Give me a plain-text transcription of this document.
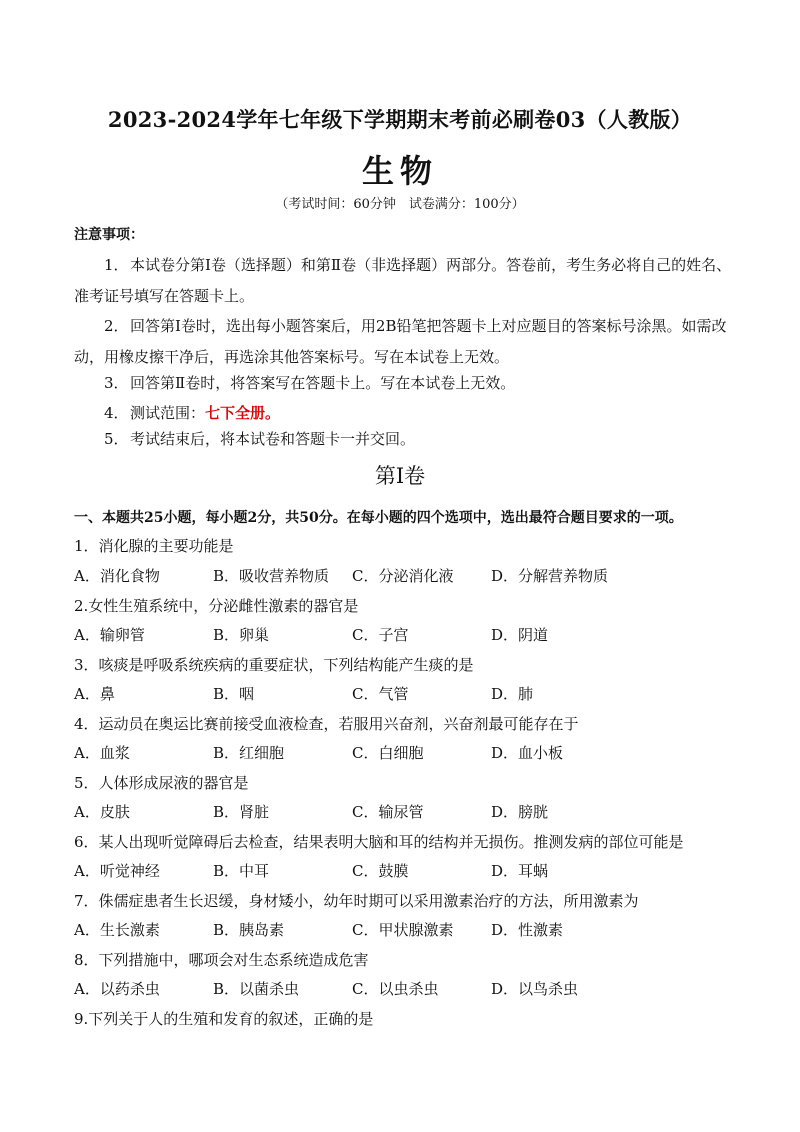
2023-2024学年七年级下学期期末考前必刷卷03（人教版）
生物
（考试时间：60分钟　试卷满分：100分）
注意事项：
1．本试卷分第Ⅰ卷（选择题）和第Ⅱ卷（非选择题）两部分。答卷前，考生务必将自己的姓名、准考证号填写在答题卡上。
2．回答第Ⅰ卷时，选出每小题答案后，用2B铅笔把答题卡上对应题目的答案标号涂黑。如需改动，用橡皮擦干净后，再选涂其他答案标号。写在本试卷上无效。
3．回答第Ⅱ卷时，将答案写在答题卡上。写在本试卷上无效。
4．测试范围：七下全册。
5．考试结束后，将本试卷和答题卡一并交回。
第Ⅰ卷
一、本题共25小题，每小题2分，共50分。在每小题的四个选项中，选出最符合题目要求的一项。
1．消化腺的主要功能是
A．消化食物	B．吸收营养物质 C．分泌消化液	D．分解营养物质
2.女性生殖系统中，分泌雌性激素的器官是
A．输卵管	B．卵巢	C．子宫	D．阴道
3．咳痰是呼吸系统疾病的重要症状，下列结构能产生痰的是
A．鼻	B．咽	C．气管	D．肺
4．运动员在奥运比赛前接受血液检查，若服用兴奋剂，兴奋剂最可能存在于
A．血浆	B．红细胞	C．白细胞	D．血小板
5．人体形成尿液的器官是
A．皮肤	B．肾脏	C．输尿管	D．膀胱
6．某人出现听觉障碍后去检查，结果表明大脑和耳的结构并无损伤。推测发病的部位可能是
A．听觉神经	B．中耳	C．鼓膜	D．耳蜗
7．侏儒症患者生长迟缓，身材矮小，幼年时期可以采用激素治疗的方法，所用激素为
A．生长激素	B．胰岛素	C．甲状腺激素	D．性激素
8．下列措施中，哪项会对生态系统造成危害
A．以药杀虫	B．以菌杀虫	C．以虫杀虫	D．以鸟杀虫
9.下列关于人的生殖和发育的叙述，正确的是
